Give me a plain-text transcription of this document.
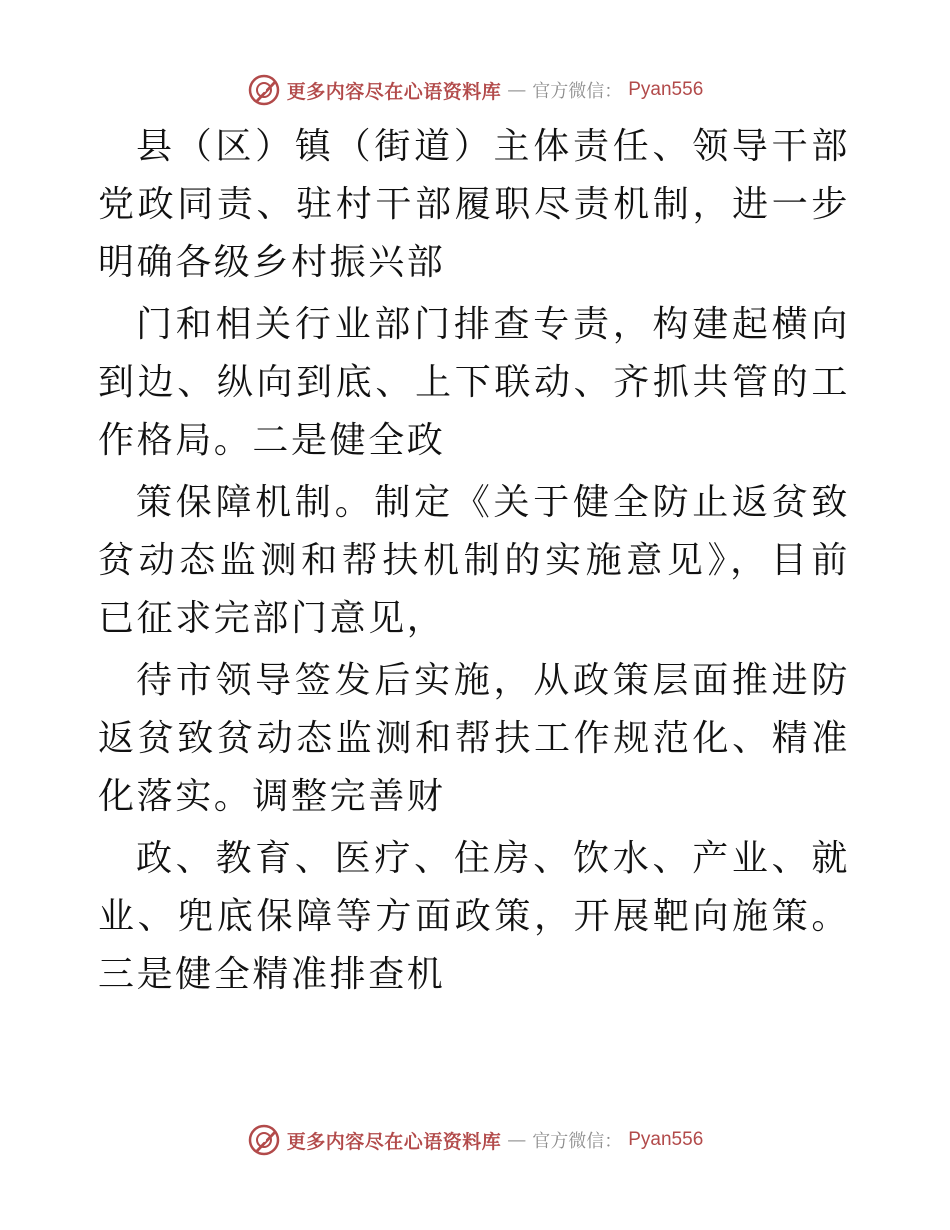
更多内容尽在心语资料库 — 官方微信： Pyan556

县（区）镇（街道）主体责任、领导干部党政同责、驻村干部履职尽责机制，进一步明确各级乡村振兴部

门和相关行业部门排查专责，构建起横向到边、纵向到底、上下联动、齐抓共管的工作格局。二是健全政

策保障机制。制定《关于健全防止返贫致贫动态监测和帮扶机制的实施意见》，目前已征求完部门意见，

待市领导签发后实施，从政策层面推进防返贫致贫动态监测和帮扶工作规范化、精准化落实。调整完善财

政、教育、医疗、住房、饮水、产业、就业、兜底保障等方面政策，开展靶向施策。三是健全精准排查机

更多内容尽在心语资料库 — 官方微信： Pyan556
